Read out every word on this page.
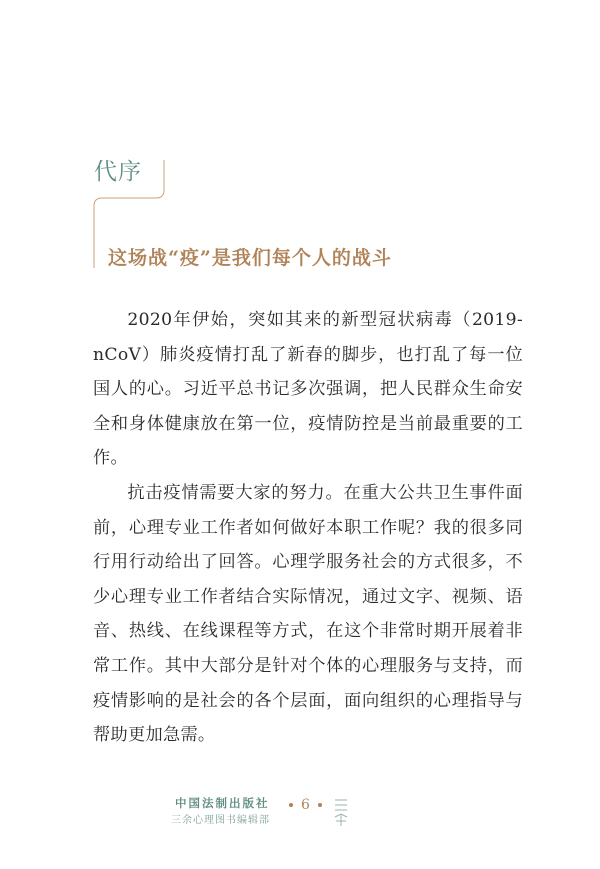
代序
这场战“疫”是我们每个人的战斗

2020年伊始，突如其来的新型冠状病毒（2019-nCoV）肺炎疫情打乱了新春的脚步，也打乱了每一位国人的心。习近平总书记多次强调，把人民群众生命安全和身体健康放在第一位，疫情防控是当前最重要的工作。

抗击疫情需要大家的努力。在重大公共卫生事件面前，心理专业工作者如何做好本职工作呢？我的很多同行用行动给出了回答。心理学服务社会的方式很多，不少心理专业工作者结合实际情况，通过文字、视频、语音、热线、在线课程等方式，在这个非常时期开展着非常工作。其中大部分是针对个体的心理服务与支持，而疫情影响的是社会的各个层面，面向组织的心理指导与帮助更加急需。

中国法制出版社
三余心理图书编辑部
6
